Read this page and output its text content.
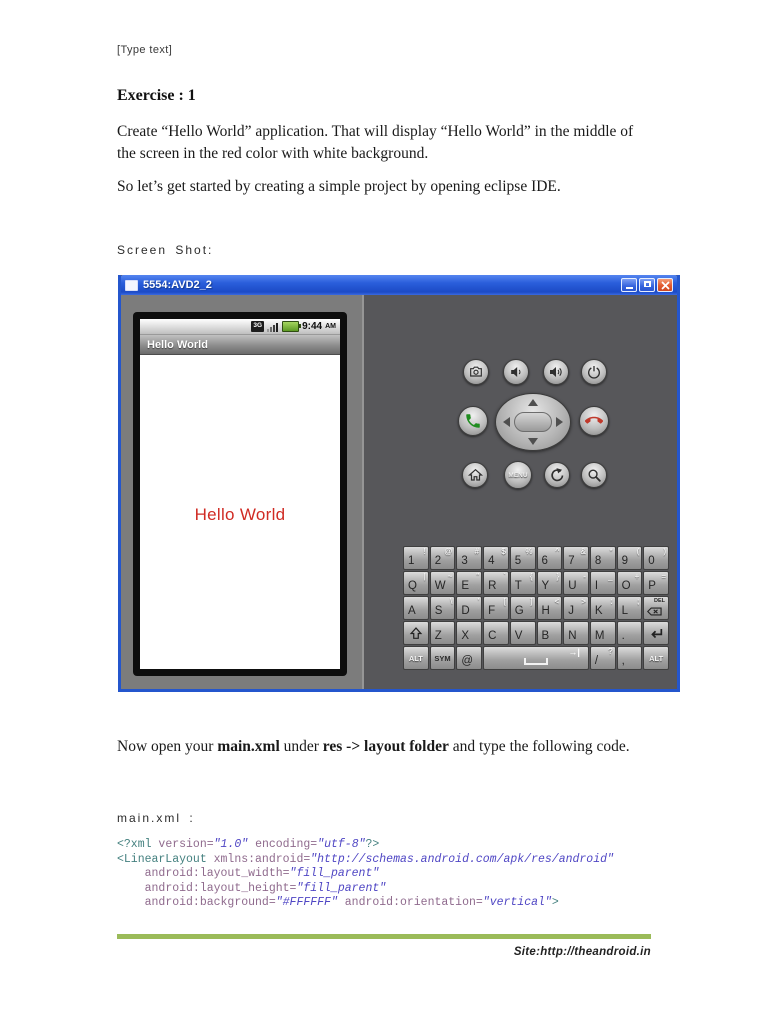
[Type text]
Exercise : 1

Create “Hello World” application. That will display “Hello World” in the middle of the screen in the red color with white background.

So let’s get started by creating a simple project by opening eclipse IDE.

Screen Shot:
5554:AVD2_2
3G	9:44 AM
Hello World
Hello World
MENU
1
!
2
@
3
#
4
$
5
%
6
^
7
&
8
*
9
(
0
)
Q
|
W
~
E
"
R
`
T
{
Y
}
U
-
I
_
O
+
P
=
A S
\
D
'
F
[
G
]
H
<
J
>
K
:
L
;	DEL
Z X C V B N M .
ALT SYM @
→|
/
?
,	ALT

Now open your main.xml under res -> layout folder and type the following code.

main.xml :
<?xml version="1.0" encoding="utf-8"?>
<LinearLayout xmlns:android="http://schemas.android.com/apk/res/android"
android:layout_width="fill_parent"
android:layout_height="fill_parent"
android:background="#FFFFFF" android:orientation="vertical">
Site:http://theandroid.in
